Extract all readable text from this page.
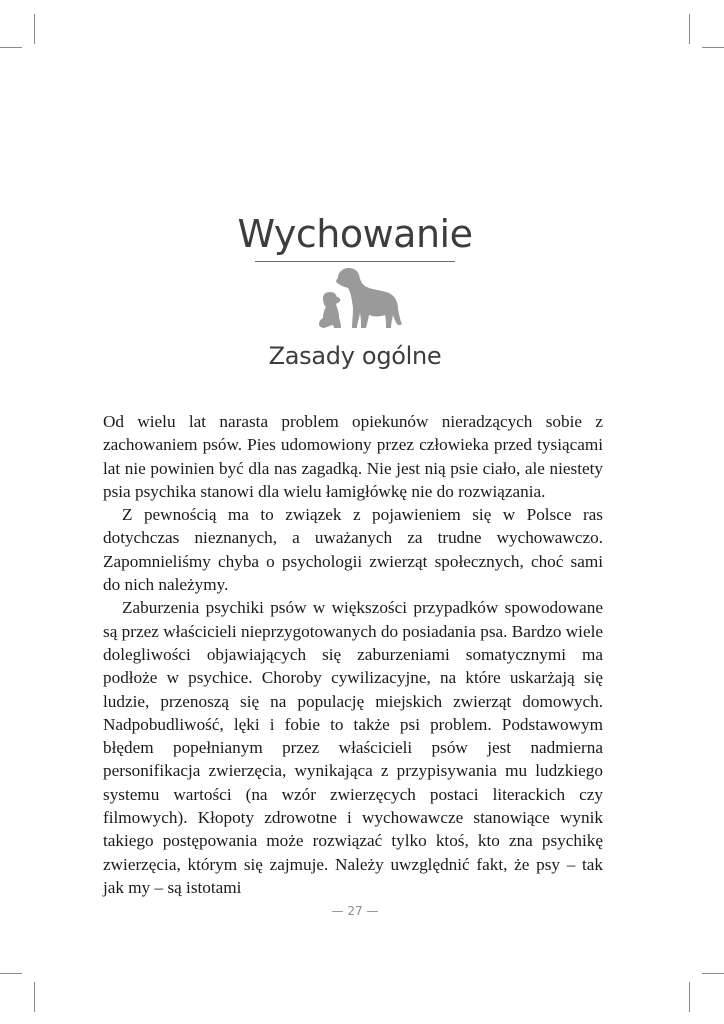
Wychowanie
Zasady ogólne

Od wielu lat narasta problem opiekunów nieradzących sobie z zachowaniem psów. Pies udomowiony przez człowieka przed tysiącami lat nie powinien być dla nas zagadką. Nie jest nią psie ciało, ale niestety psia psychika stanowi dla wielu łamigłówkę nie do rozwiązania.

Z pewnością ma to związek z pojawieniem się w Polsce ras dotychczas nieznanych, a uważanych za trudne wychowawczo. Zapomnieliśmy chyba o psychologii zwierząt społecznych, choć sami do nich należymy.

Zaburzenia psychiki psów w większości przypadków spowodowane są przez właścicieli nieprzygotowanych do posiadania psa. Bardzo wiele dolegliwości objawiających się zaburzeniami somatycznymi ma podłoże w psychice. Choroby cywilizacyjne, na które uskarżają się ludzie, przenoszą się na populację miejskich zwierząt domowych. Nadpobudliwość, lęki i fobie to także psi problem. Podstawowym błędem popełnianym przez właścicieli psów jest nadmierna personifikacja zwierzęcia, wynikająca z przypisywania mu ludzkiego systemu wartości (na wzór zwierzęcych postaci literackich czy filmowych). Kłopoty zdrowotne i wychowawcze stanowiące wynik takiego postępowania może rozwiązać tylko ktoś, kto zna psychikę zwierzęcia, którym się zajmuje. Należy uwzględnić fakt, że psy – tak jak my – są istotami

— 27 —
